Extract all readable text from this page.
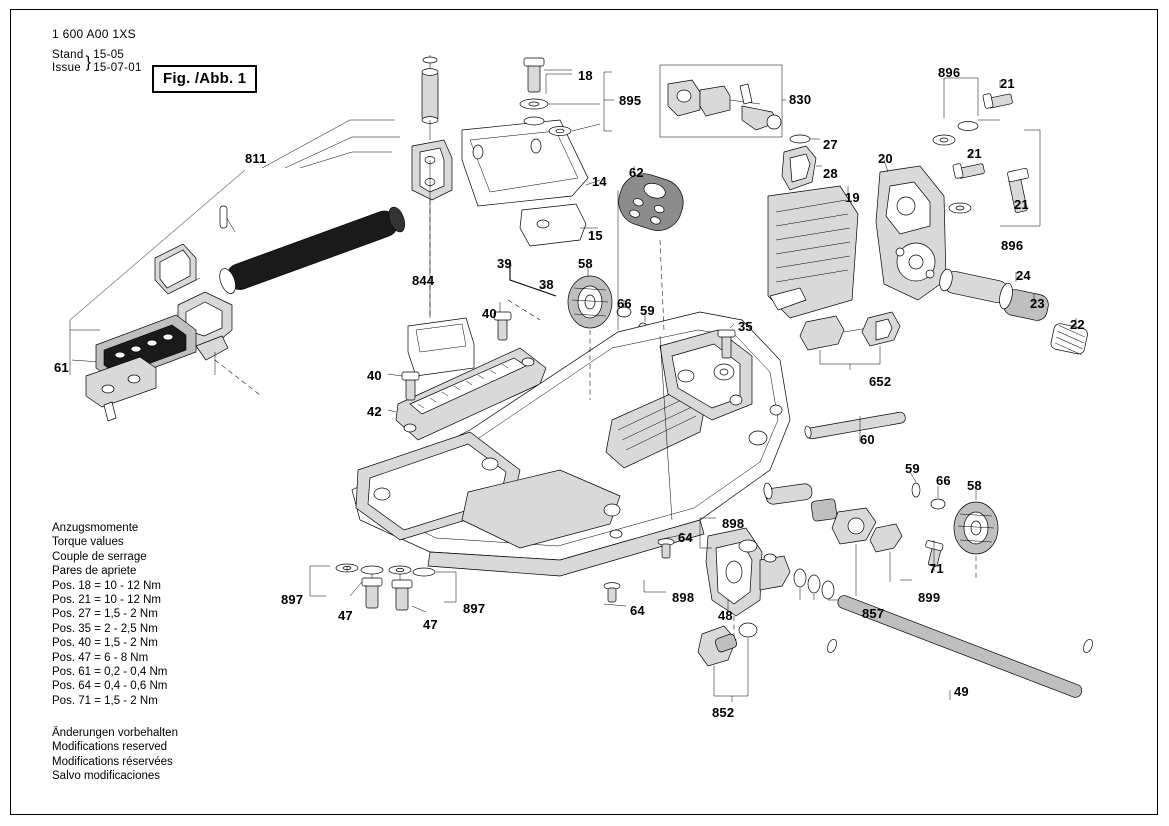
1 600 A00 1XS
Stand	}	15-05
Issue		15-07-01
Fig. /Abb. 1
Anzugsmomente
Torque values
Couple de serrage
Pares de apriete
Pos. 18 = 10 - 12 Nm
Pos. 21 = 10 - 12 Nm
Pos. 27 = 1,5 - 2 Nm
Pos. 35 = 2 - 2,5 Nm
Pos. 40 = 1,5 - 2 Nm
Pos. 47 = 6 - 8 Nm
Pos. 61 = 0,2 - 0,4 Nm
Pos. 64 = 0,4 - 0,6 Nm
Pos. 71 = 1,5 - 2 Nm
Änderungen vorbehalten
Modifications reserved
Modifications réservées
Salvo modificaciones
811
61
844
40
40
42
39
38
14
15
18
895	830
27
28
19
20
896
21
21
21
896
24
23
22
62
58
66 59
35
652
60
59
66 58
71
899
857
898
64
898
64	48
852
49
897
897
47
47
